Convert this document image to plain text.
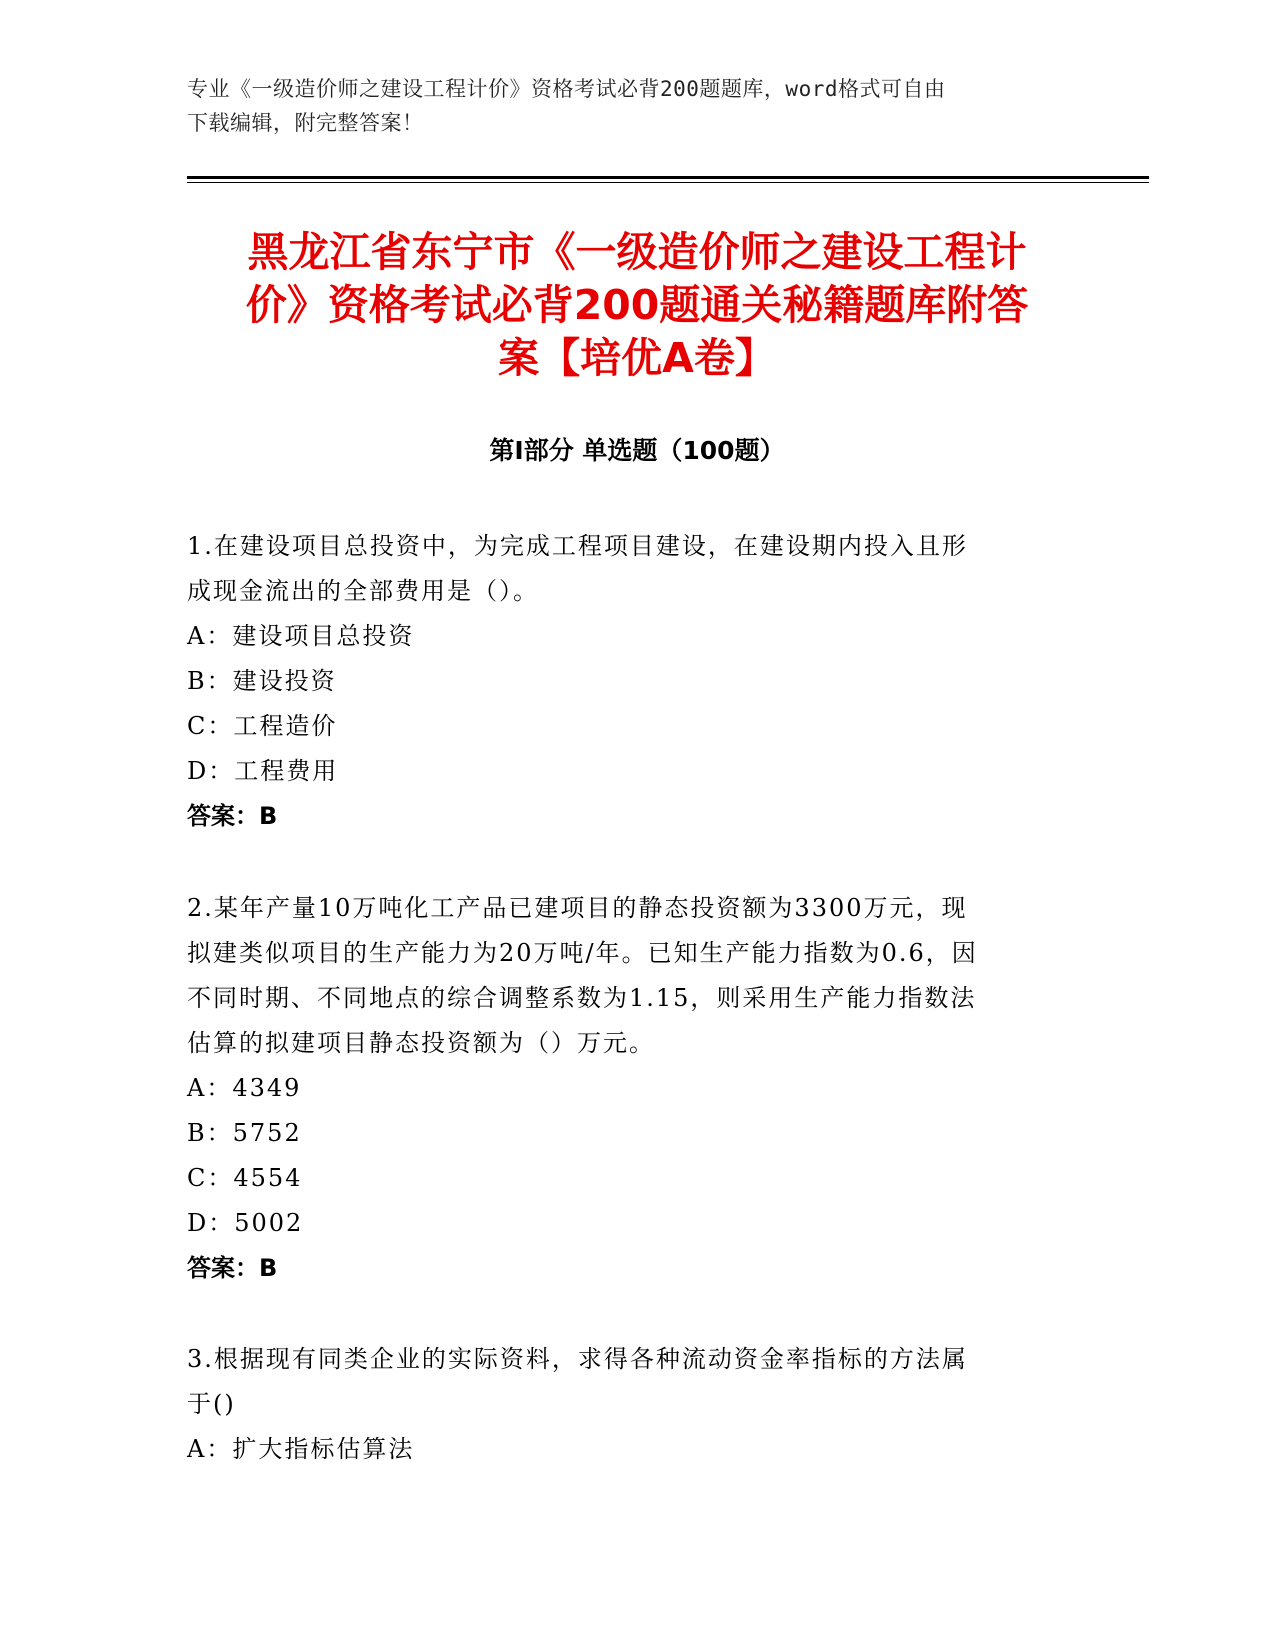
专业《一级造价师之建设工程计价》资格考试必背200题题库，word格式可自由
下载编辑，附完整答案！
黑龙江省东宁市《一级造价师之建设工程计
价》资格考试必背200题通关秘籍题库附答
案【培优A卷】
第Ⅰ部分 单选题（100题）

1.在建设项目总投资中，为完成工程项目建设，在建设期内投入且形

成现金流出的全部费用是（）。

A：建设项目总投资

B：建设投资

C：工程造价

D：工程费用

答案：B

2.某年产量10万吨化工产品已建项目的静态投资额为3300万元，现

拟建类似项目的生产能力为20万吨/年。已知生产能力指数为0.6，因

不同时期、不同地点的综合调整系数为1.15，则采用生产能力指数法

估算的拟建项目静态投资额为（）万元。

A：4349

B：5752

C：4554

D：5002

答案：B

3.根据现有同类企业的实际资料，求得各种流动资金率指标的方法属

于()

A：扩大指标估算法
